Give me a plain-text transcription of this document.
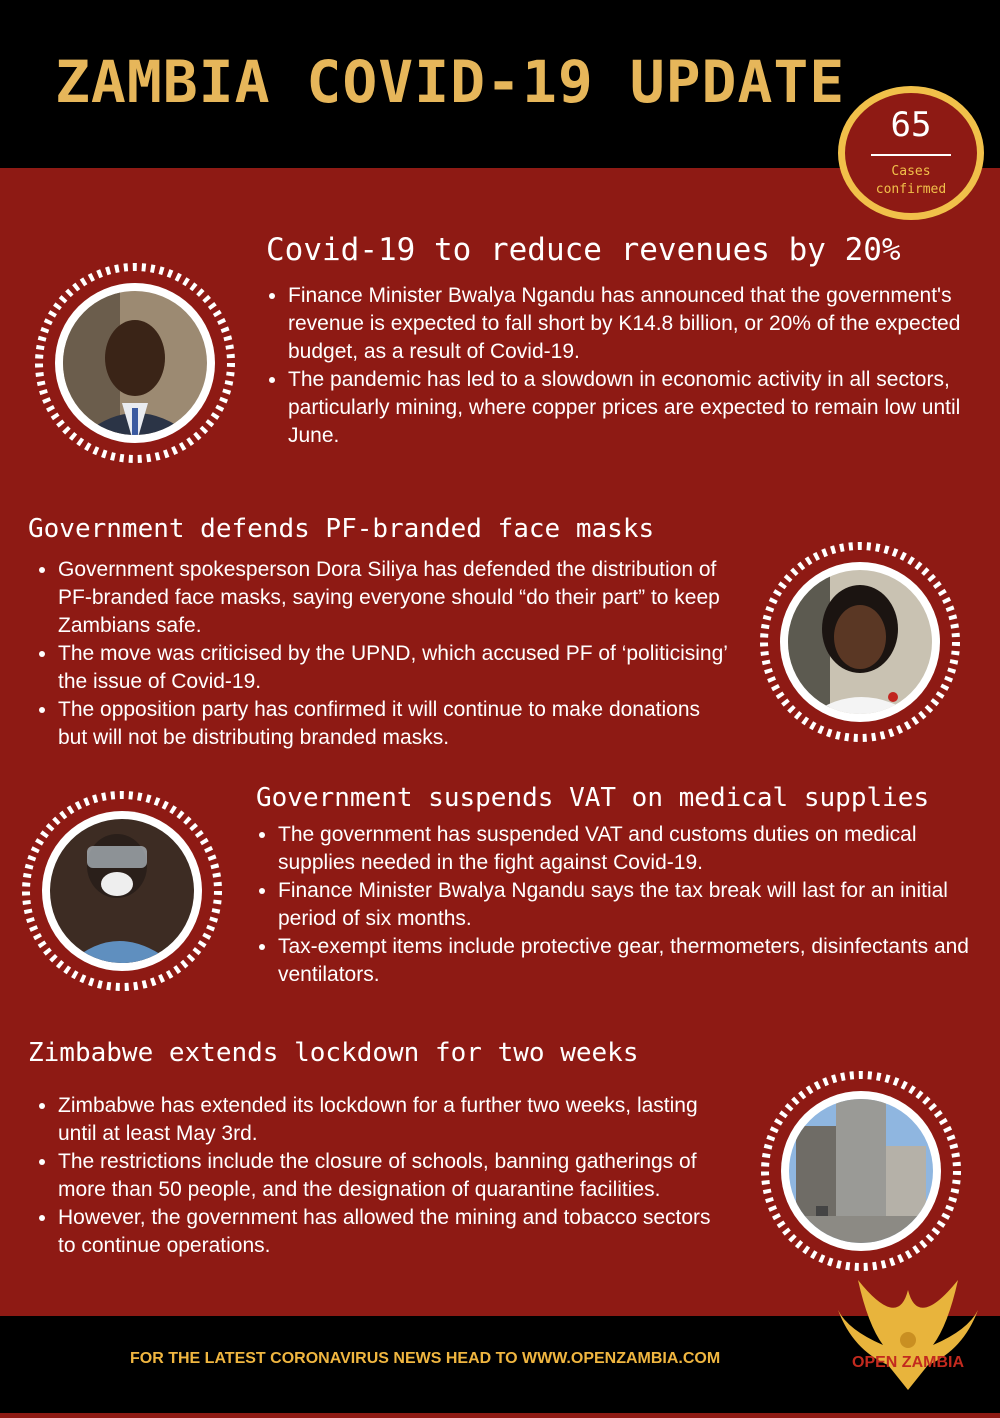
ZAMBIA COVID-19 UPDATE
65
Cases
confirmed
Covid-19 to reduce revenues by 20%
• Finance Minister Bwalya Ngandu has announced that the government's revenue is expected to fall short by K14.8 billion, or 20% of the expected budget, as a result of Covid-19.
• The pandemic has led to a slowdown in economic activity in all sectors, particularly mining, where copper prices are expected to remain low until June.
Government defends PF-branded face masks
• Government spokesperson Dora Siliya has defended the distribution of PF-branded face masks, saying everyone should “do their part” to keep Zambians safe.
• The move was criticised by the UPND, which accused PF of ‘politicising’ the issue of Covid-19.
• The opposition party has confirmed it will continue to make donations but will not be distributing branded masks.
Government suspends VAT on medical supplies
• The government has suspended VAT and customs duties on medical supplies needed in the fight against Covid-19.
• Finance Minister Bwalya Ngandu says the tax break will last for an initial period of six months.
• Tax-exempt items include protective gear, thermometers, disinfectants and ventilators.
Zimbabwe extends lockdown for two weeks
• Zimbabwe has extended its lockdown for a further two weeks, lasting until at least May 3rd.
• The restrictions include the closure of schools, banning gatherings of more than 50 people, and the designation of quarantine facilities.
• However, the government has allowed the mining and tobacco sectors to continue operations.
FOR THE LATEST CORONAVIRUS NEWS HEAD TO WWW.OPENZAMBIA.COM	OPEN ZAMBIA
